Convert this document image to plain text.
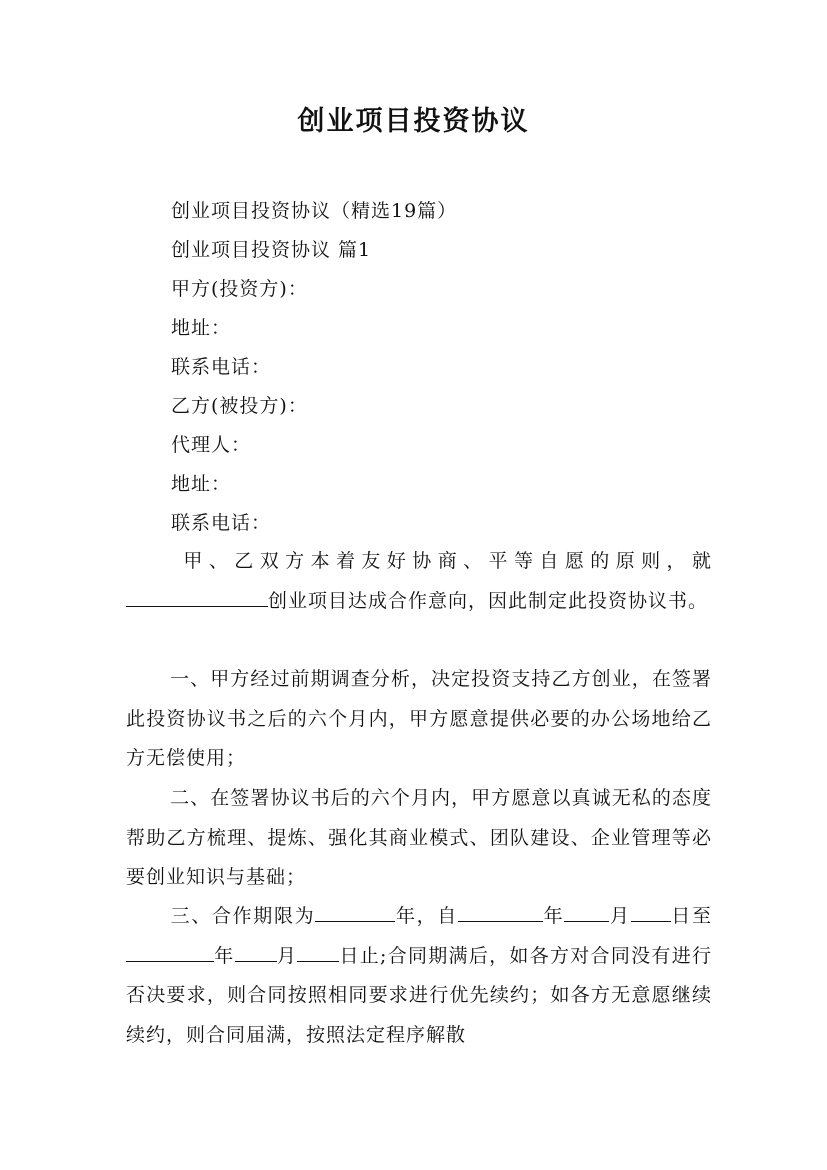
创业项目投资协议
创业项目投资协议（精选19篇）
创业项目投资协议 篇1
甲方(投资方)：
地址：
联系电话：
乙方(被投方)：
代理人：
地址：
联系电话：

甲、乙双方本着友好协商、平等自愿的原则，就创业项目达成合作意向，因此制定此投资协议书。

一、甲方经过前期调查分析，决定投资支持乙方创业，在签署此投资协议书之后的六个月内，甲方愿意提供必要的办公场地给乙方无偿使用；

二、在签署协议书后的六个月内，甲方愿意以真诚无私的态度帮助乙方梳理、提炼、强化其商业模式、团队建设、企业管理等必要创业知识与基础；

三、合作期限为	年，自	年 月 日至年 月 日止;合同期满后，如各方对合同没有进行否决要求，则合同按照相同要求进行优先续约；如各方无意愿继续续约，则合同届满，按照法定程序解散
